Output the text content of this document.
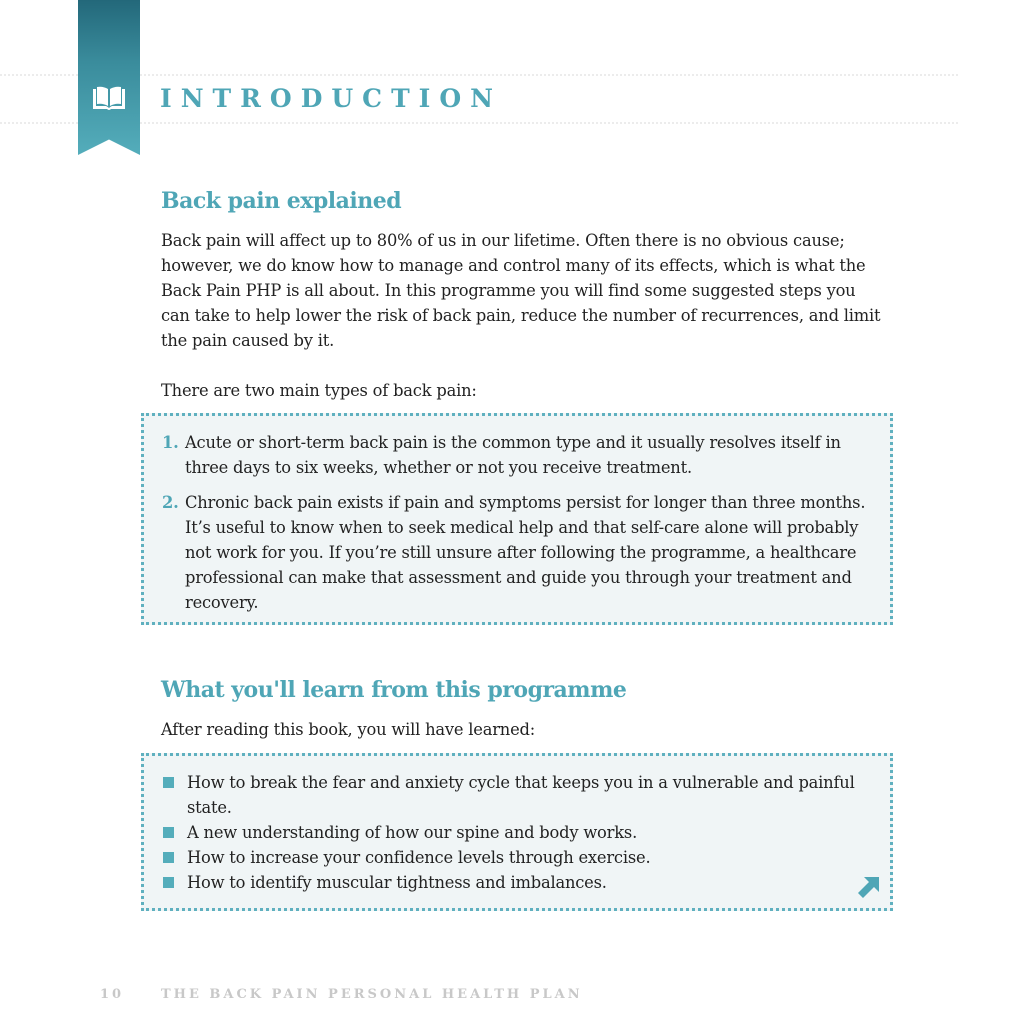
INTRODUCTION
Back pain explained

Back pain will affect up to 80% of us in our lifetime. Often there is no obvious cause; however, we do know how to manage and control many of its effects, which is what the Back Pain PHP is all about. In this programme you will find some suggested steps you can take to help lower the risk of back pain, reduce the number of recurrences, and limit the pain caused by it.

There are two main types of back pain:

1. Acute or short-term back pain is the common type and it usually resolves itself in three days to six weeks, whether or not you receive treatment.
2. Chronic back pain exists if pain and symptoms persist for longer than three months. It’s useful to know when to seek medical help and that self-care alone will probably not work for you. If you’re still unsure after following the programme, a healthcare professional can make that assessment and guide you through your treatment and recovery.
What you'll learn from this programme

After reading this book, you will have learned:

How to break the fear and anxiety cycle that keeps you in a vulnerable and painful state.
A new understanding of how our spine and body works.
How to increase your confidence levels through exercise.
How to identify muscular tightness and imbalances.
10	THE BACK PAIN PERSONAL HEALTH PLAN
